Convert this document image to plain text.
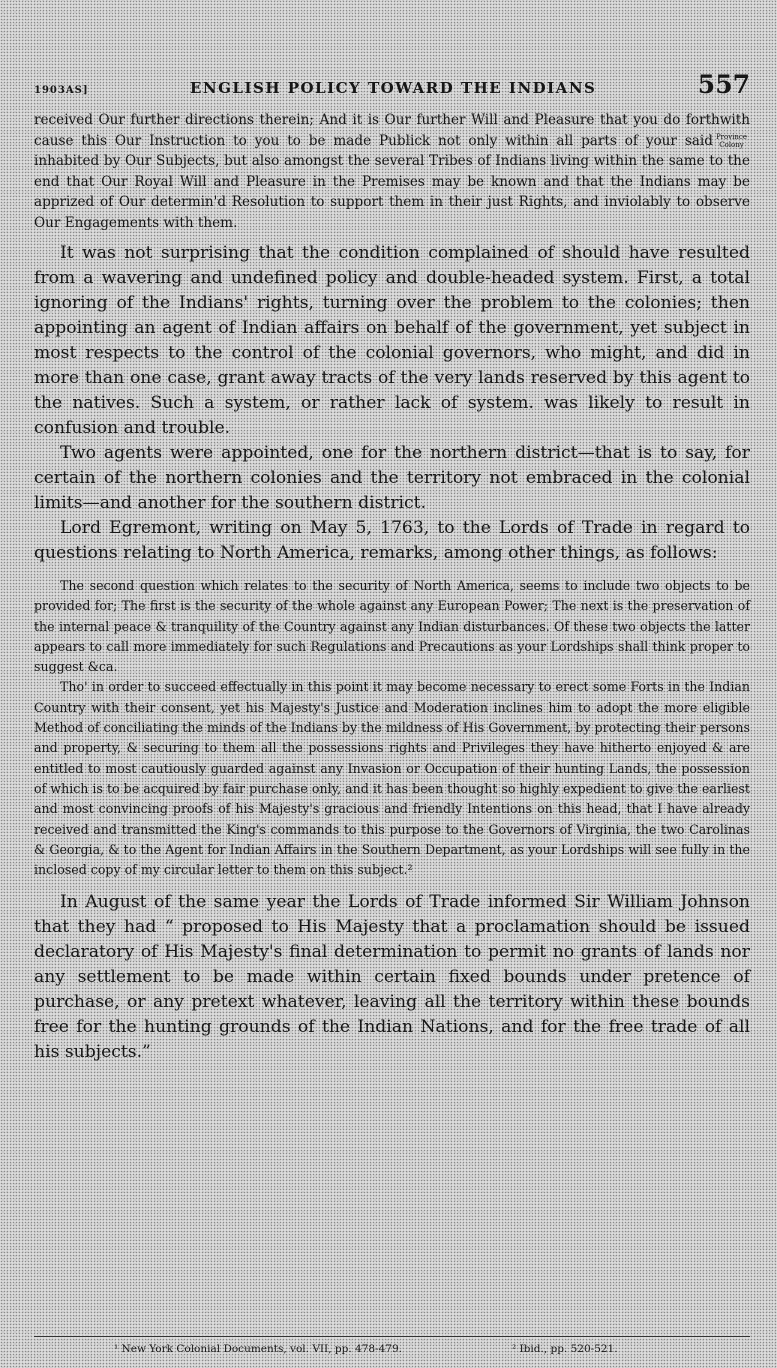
1903AS]	ENGLISH POLICY TOWARD THE INDIANS	557

received Our further directions therein; And it is Our further Will and Pleasure that you do forthwith cause this Our Instruction to you to be made Publick not only within all parts of your said Province
Colony
inhabited by Our Subjects, but also amongst the several Tribes of Indians living within the same to the end that Our Royal Will and Pleasure in the Premises may be known and that the Indians may be apprized of Our determin'd Resolution to support them in their just Rights, and inviolably to observe Our Engagements with them.

It was not surprising that the condition complained of should have resulted from a wavering and undefined policy and double-headed system. First, a total ignoring of the Indians' rights, turning over the problem to the colonies; then appointing an agent of Indian affairs on behalf of the government, yet subject in most respects to the control of the colonial governors, who might, and did in more than one case, grant away tracts of the very lands reserved by this agent to the natives. Such a system, or rather lack of system. was likely to result in confusion and trouble.

Two agents were appointed, one for the northern district—that is to say, for certain of the northern colonies and the territory not embraced in the colonial limits—and another for the southern district.

Lord Egremont, writing on May 5, 1763, to the Lords of Trade in regard to questions relating to North America, remarks, among other things, as follows:

The second question which relates to the security of North America, seems to include two objects to be provided for; The first is the security of the whole against any European Power; The next is the preservation of the internal peace & tranquility of the Country against any Indian disturbances. Of these two objects the latter appears to call more immediately for such Regulations and Precautions as your Lordships shall think proper to suggest &ca.

Tho' in order to succeed effectually in this point it may become necessary to erect some Forts in the Indian Country with their consent, yet his Majesty's Justice and Moderation inclines him to adopt the more eligible Method of conciliating the minds of the Indians by the mildness of His Government, by protecting their persons and property, & securing to them all the possessions rights and Privileges they have hitherto enjoyed & are entitled to most cautiously guarded against any Invasion or Occupation of their hunting Lands, the possession of which is to be acquired by fair purchase only, and it has been thought so highly expedient to give the earliest and most convincing proofs of his Majesty's gracious and friendly Intentions on this head, that I have already received and transmitted the King's commands to this purpose to the Governors of Virginia, the two Carolinas & Georgia, & to the Agent for Indian Affairs in the Southern Department, as your Lordships will see fully in the inclosed copy of my circular letter to them on this subject.²

In August of the same year the Lords of Trade informed Sir William Johnson that they had “ proposed to His Majesty that a proclamation should be issued declaratory of His Majesty's final determination to permit no grants of lands nor any settlement to be made within certain fixed bounds under pretence of purchase, or any pretext whatever, leaving all the territory within these bounds free for the hunting grounds of the Indian Nations, and for the free trade of all his subjects.”

¹ New York Colonial Documents, vol. VII, pp. 478-479.	² Ibid., pp. 520-521.
